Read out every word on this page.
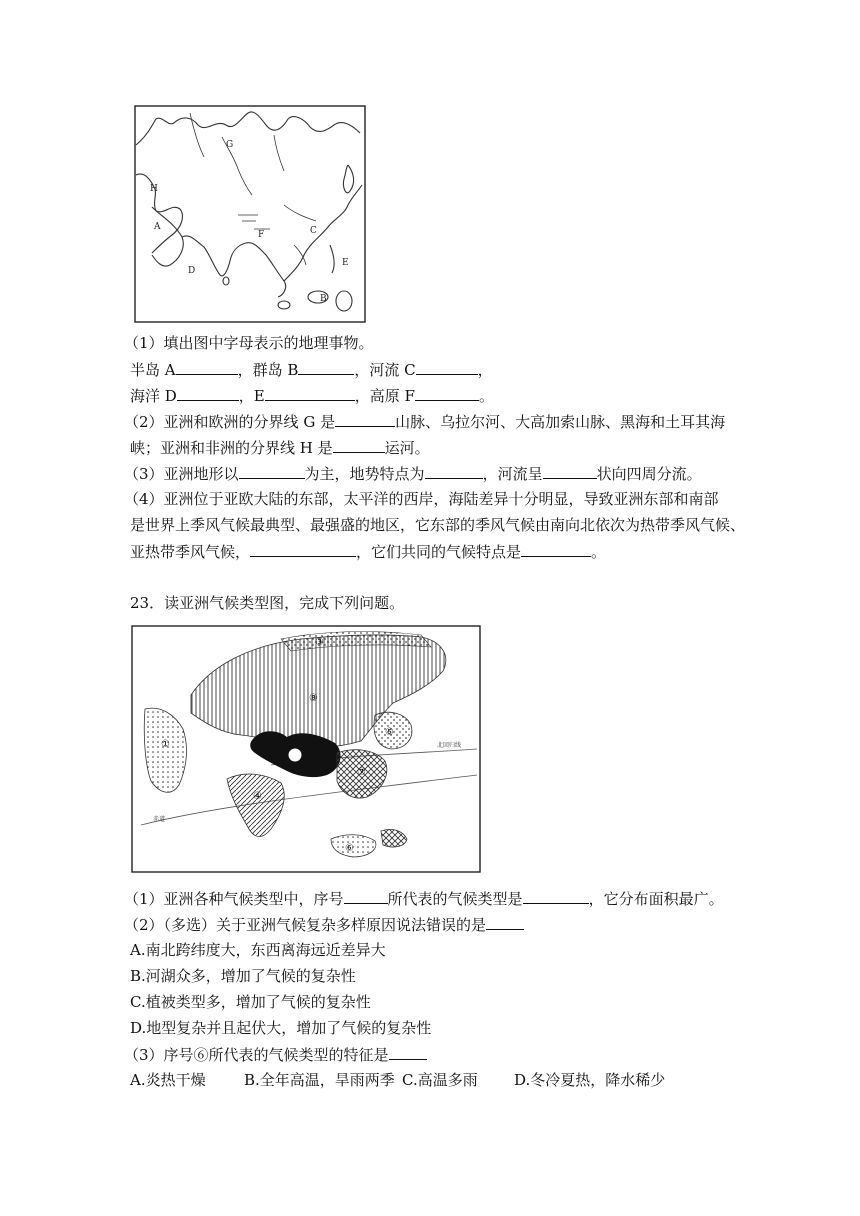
G
H
A
F	C
D
E
B
（1）填出图中字母表示的地理事物。
半岛 A	，群岛 B	，河流 C	，
海洋 D	，E	，高原 F	。
（2）亚洲和欧洲的分界线 G 是	山脉、乌拉尔河、大高加索山脉、黑海和土耳其海
峡；亚洲和非洲的分界线 H 是	运河。
（3）亚洲地形以	为主，地势特点为	，河流呈	状向四周分流。
（4）亚洲位于亚欧大陆的东部，太平洋的西岸，海陆差异十分明显，导致亚洲东部和南部
是世界上季风气候最典型、最强盛的地区，它东部的季风气候由南向北依次为热带季风气候、
亚热带季风气候，	，它们共同的气候特点是	。
23．读亚洲气候类型图，完成下列问题。
③
⑧
①
⑤
⑨
④
⑦
⑥
北回归线
赤道
（1）亚洲各种气候类型中，序号	所代表的气候类型是	，它分布面积最广。
（2）（多选）关于亚洲气候复杂多样原因说法错误的是
A.南北跨纬度大，东西离海远近差异大
B.河湖众多，增加了气候的复杂性
C.植被类型多，增加了气候的复杂性
D.地型复杂并且起伏大，增加了气候的复杂性
（3）序号⑥所代表的气候类型的特征是
A.炎热干燥	B.全年高温，旱雨两季 C.高温多雨 D.冬冷夏热，降水稀少
